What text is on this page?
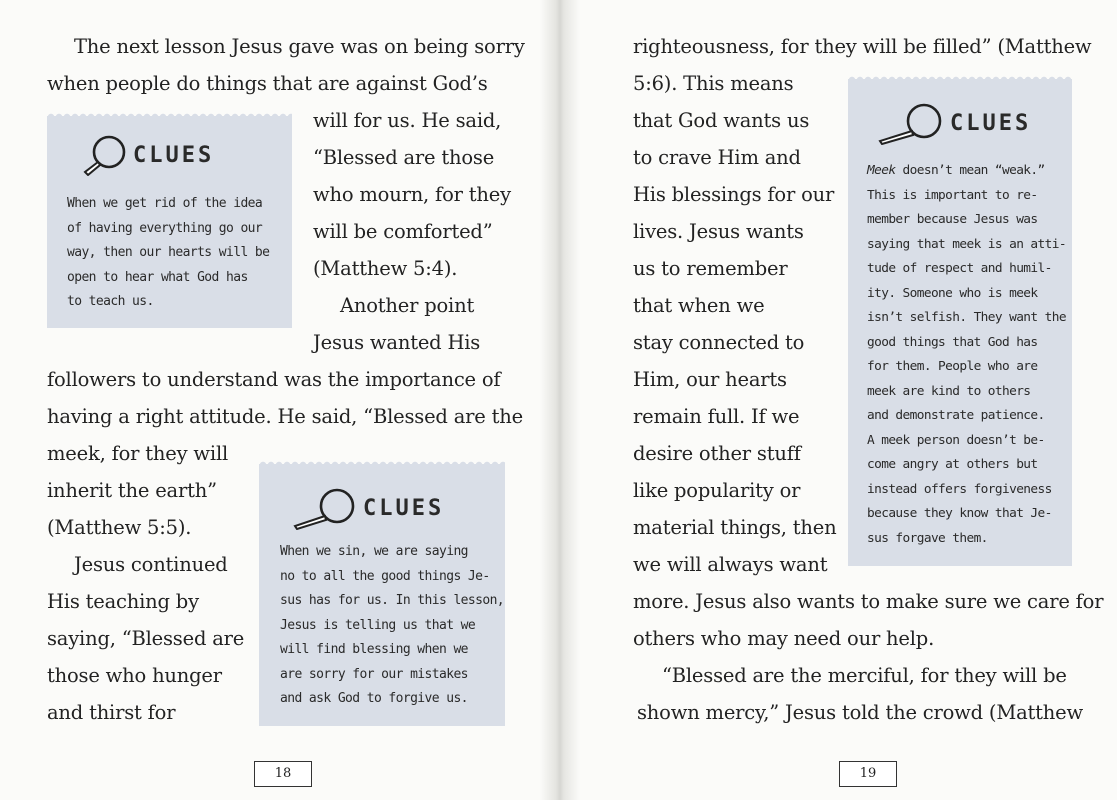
The next lesson Jesus gave was on being sorry
when people do things that are against God’s
will for us. He said,
“Blessed are those
who mourn, for they
will be comforted”
(Matthew 5:4).
Another point
Jesus wanted His
followers to understand was the importance of
having a right attitude. He said, “Blessed are the
meek, for they will
inherit the earth”
(Matthew 5:5).
Jesus continued
His teaching by
saying, “Blessed are
those who hunger
and thirst for
CLUES
When we get rid of the idea
of having everything go our
way, then our hearts will be
open to hear what God has
to teach us.
CLUES
When we sin, we are saying
no to all the good things Je-
sus has for us. In this lesson,
Jesus is telling us that we
will find blessing when we
are sorry for our mistakes
and ask God to forgive us.
18
righteousness, for they will be filled” (Matthew
5:6). This means
that God wants us
to crave Him and
His blessings for our
lives. Jesus wants
us to remember
that when we
stay connected to
Him, our hearts
remain full. If we
desire other stuff
like popularity or
material things, then
we will always want
more. Jesus also wants to make sure we care for
others who may need our help.
“Blessed are the merciful, for they will be
shown mercy,” Jesus told the crowd (Matthew
CLUES
Meek doesn’t mean “weak.”
This is important to re-
member because Jesus was
saying that meek is an atti-
tude of respect and humil-
ity. Someone who is meek
isn’t selfish. They want the
good things that God has
for them. People who are
meek are kind to others
and demonstrate patience.
A meek person doesn’t be-
come angry at others but
instead offers forgiveness
because they know that Je-
sus forgave them.
19
